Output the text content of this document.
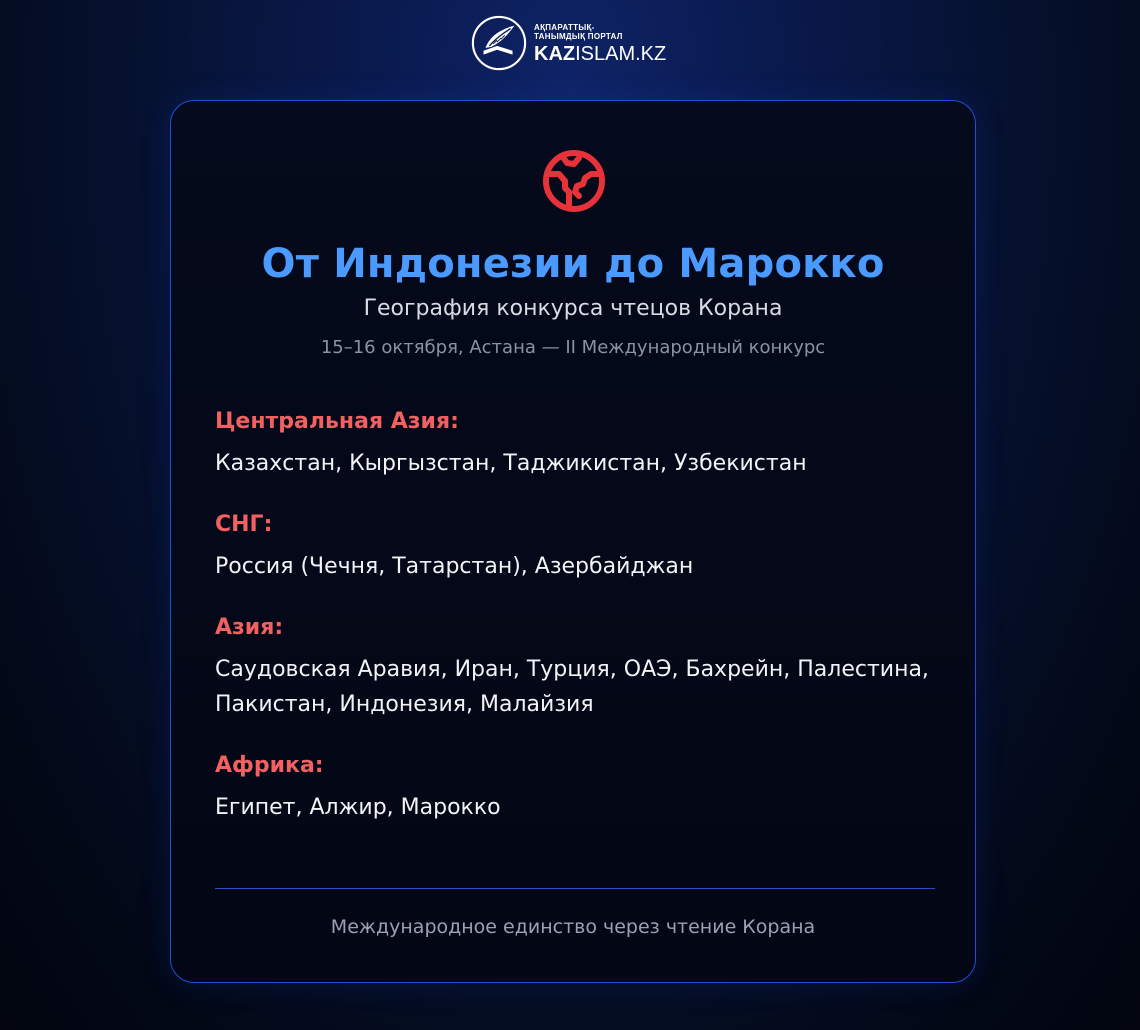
АҚПАРАТТЫҚ-
ТАНЫМДЫҚ ПОРТАЛ
KAZISLAM.KZ
От Индонезии до Марокко
География конкурса чтецов Корана
15–16 октября, Астана — II Международный конкурс
Центральная Азия:
Казахстан, Кыргызстан, Таджикистан, Узбекистан
СНГ:
Россия (Чечня, Татарстан), Азербайджан
Азия:
Саудовская Аравия, Иран, Турция, ОАЭ, Бахрейн, Палестина, Пакистан, Индонезия, Малайзия
Африка:
Египет, Алжир, Марокко
Международное единство через чтение Корана
